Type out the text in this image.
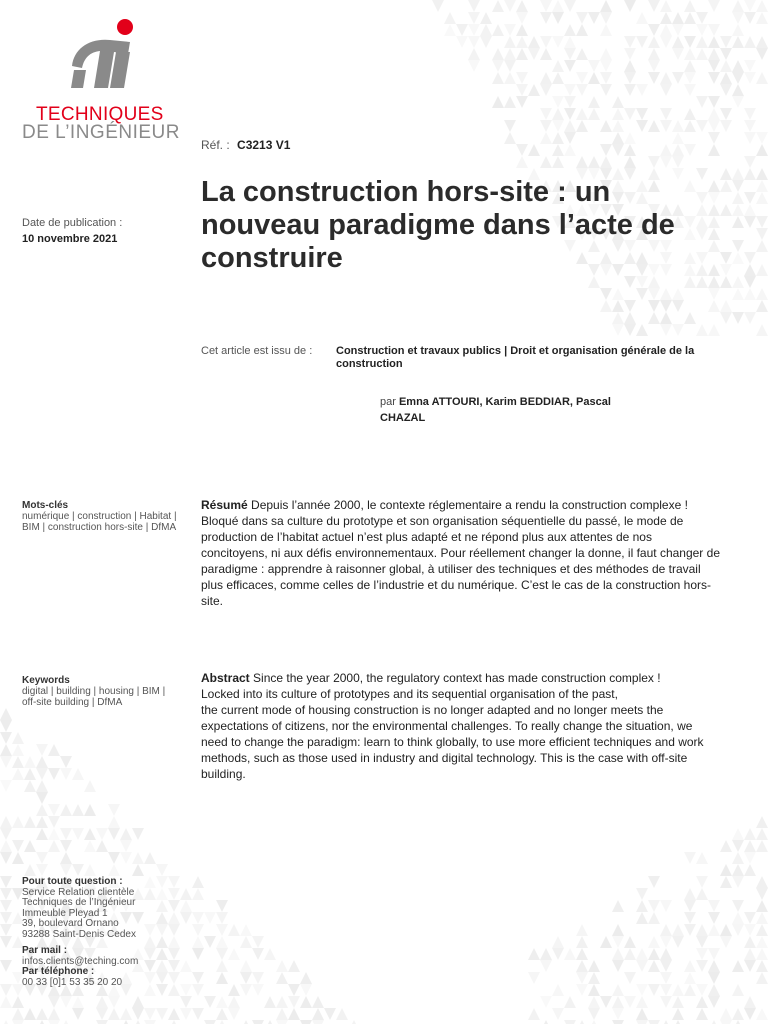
TECHNIQUES
DE L’INGÉNIEUR
Réf. : C3213 V1
Date de publication :
10 novembre 2021
La construction hors-site : un nouveau paradigme dans l’acte de construire
Cet article est issu de : Construction et travaux publics | Droit et organisation générale de la construction
par Emna ATTOURI, Karim BEDDIAR, Pascal CHAZAL
Mots-clés
numérique | construction | Habitat | BIM | construction hors-site | DfMA
Résumé Depuis l’année 2000, le contexte réglementaire a rendu la construction complexe !
Bloqué dans sa culture du prototype et son organisation séquentielle du passé, le mode de production de l’habitat actuel n’est plus adapté et ne répond plus aux attentes de nos concitoyens, ni aux défis environnementaux. Pour réellement changer la donne, il faut changer de paradigme : apprendre à raisonner global, à utiliser des techniques et des méthodes de travail plus efficaces, comme celles de l’industrie et du numérique. C’est le cas de la construction hors-site.
Keywords
digital | building | housing | BIM | off-site building | DfMA
Abstract Since the year 2000, the regulatory context has made construction complex !
Locked into its culture of prototypes and its sequential organisation of the past,
the current mode of housing construction is no longer adapted and no longer meets the expectations of citizens, nor the environmental challenges. To really change the situation, we need to change the paradigm: learn to think globally, to use more efficient techniques and work methods, such as those used in industry and digital technology. This is the case with off-site building.
Pour toute question :
Service Relation clientèle
Techniques de l’Ingénieur
Immeuble Pleyad 1
39, boulevard Ornano
93288 Saint-Denis Cedex
Par mail :
infos.clients@teching.com
Par téléphone :
00 33 [0]1 53 35 20 20
